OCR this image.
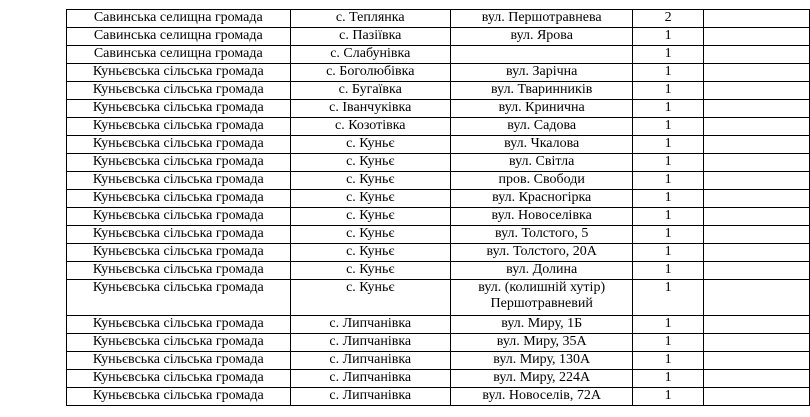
Савинська селищна громада	с. Теплянка	вул. Першотравнева	2	
Савинська селищна громада	с. Пазіївка	вул. Ярова	1	
Савинська селищна громада	с. Слабунівка		1	
Куньєвська сільська громада	с. Боголюбівка	вул. Зарічна	1	
Куньєвська сільська громада	с. Бугаївка	вул. Тваринників	1	
Куньєвська сільська громада	с. Іванчуківка	вул. Кринична	1	
Куньєвська сільська громада	с. Козотівка	вул. Садова	1	
Куньєвська сільська громада	с. Куньє	вул. Чкалова	1	
Куньєвська сільська громада	с. Куньє	вул. Світла	1	
Куньєвська сільська громада	с. Куньє	пров. Свободи	1	
Куньєвська сільська громада	с. Куньє	вул. Красногірка	1	
Куньєвська сільська громада	с. Куньє	вул. Новоселівка	1	
Куньєвська сільська громада	с. Куньє	вул. Толстого, 5	1	
Куньєвська сільська громада	с. Куньє	вул. Толстого, 20А	1	
Куньєвська сільська громада	с. Куньє	вул. Долина	1	
Куньєвська сільська громада	с. Куньє	вул. (колишній хутір) Першотравневий	1	
Куньєвська сільська громада	с. Липчанівка	вул. Миру, 1Б	1	
Куньєвська сільська громада	с. Липчанівка	вул. Миру, 35А	1	
Куньєвська сільська громада	с. Липчанівка	вул. Миру, 130А	1	
Куньєвська сільська громада	с. Липчанівка	вул. Миру, 224А	1	
Куньєвська сільська громада	с. Липчанівка	вул. Новоселів, 72А	1	
